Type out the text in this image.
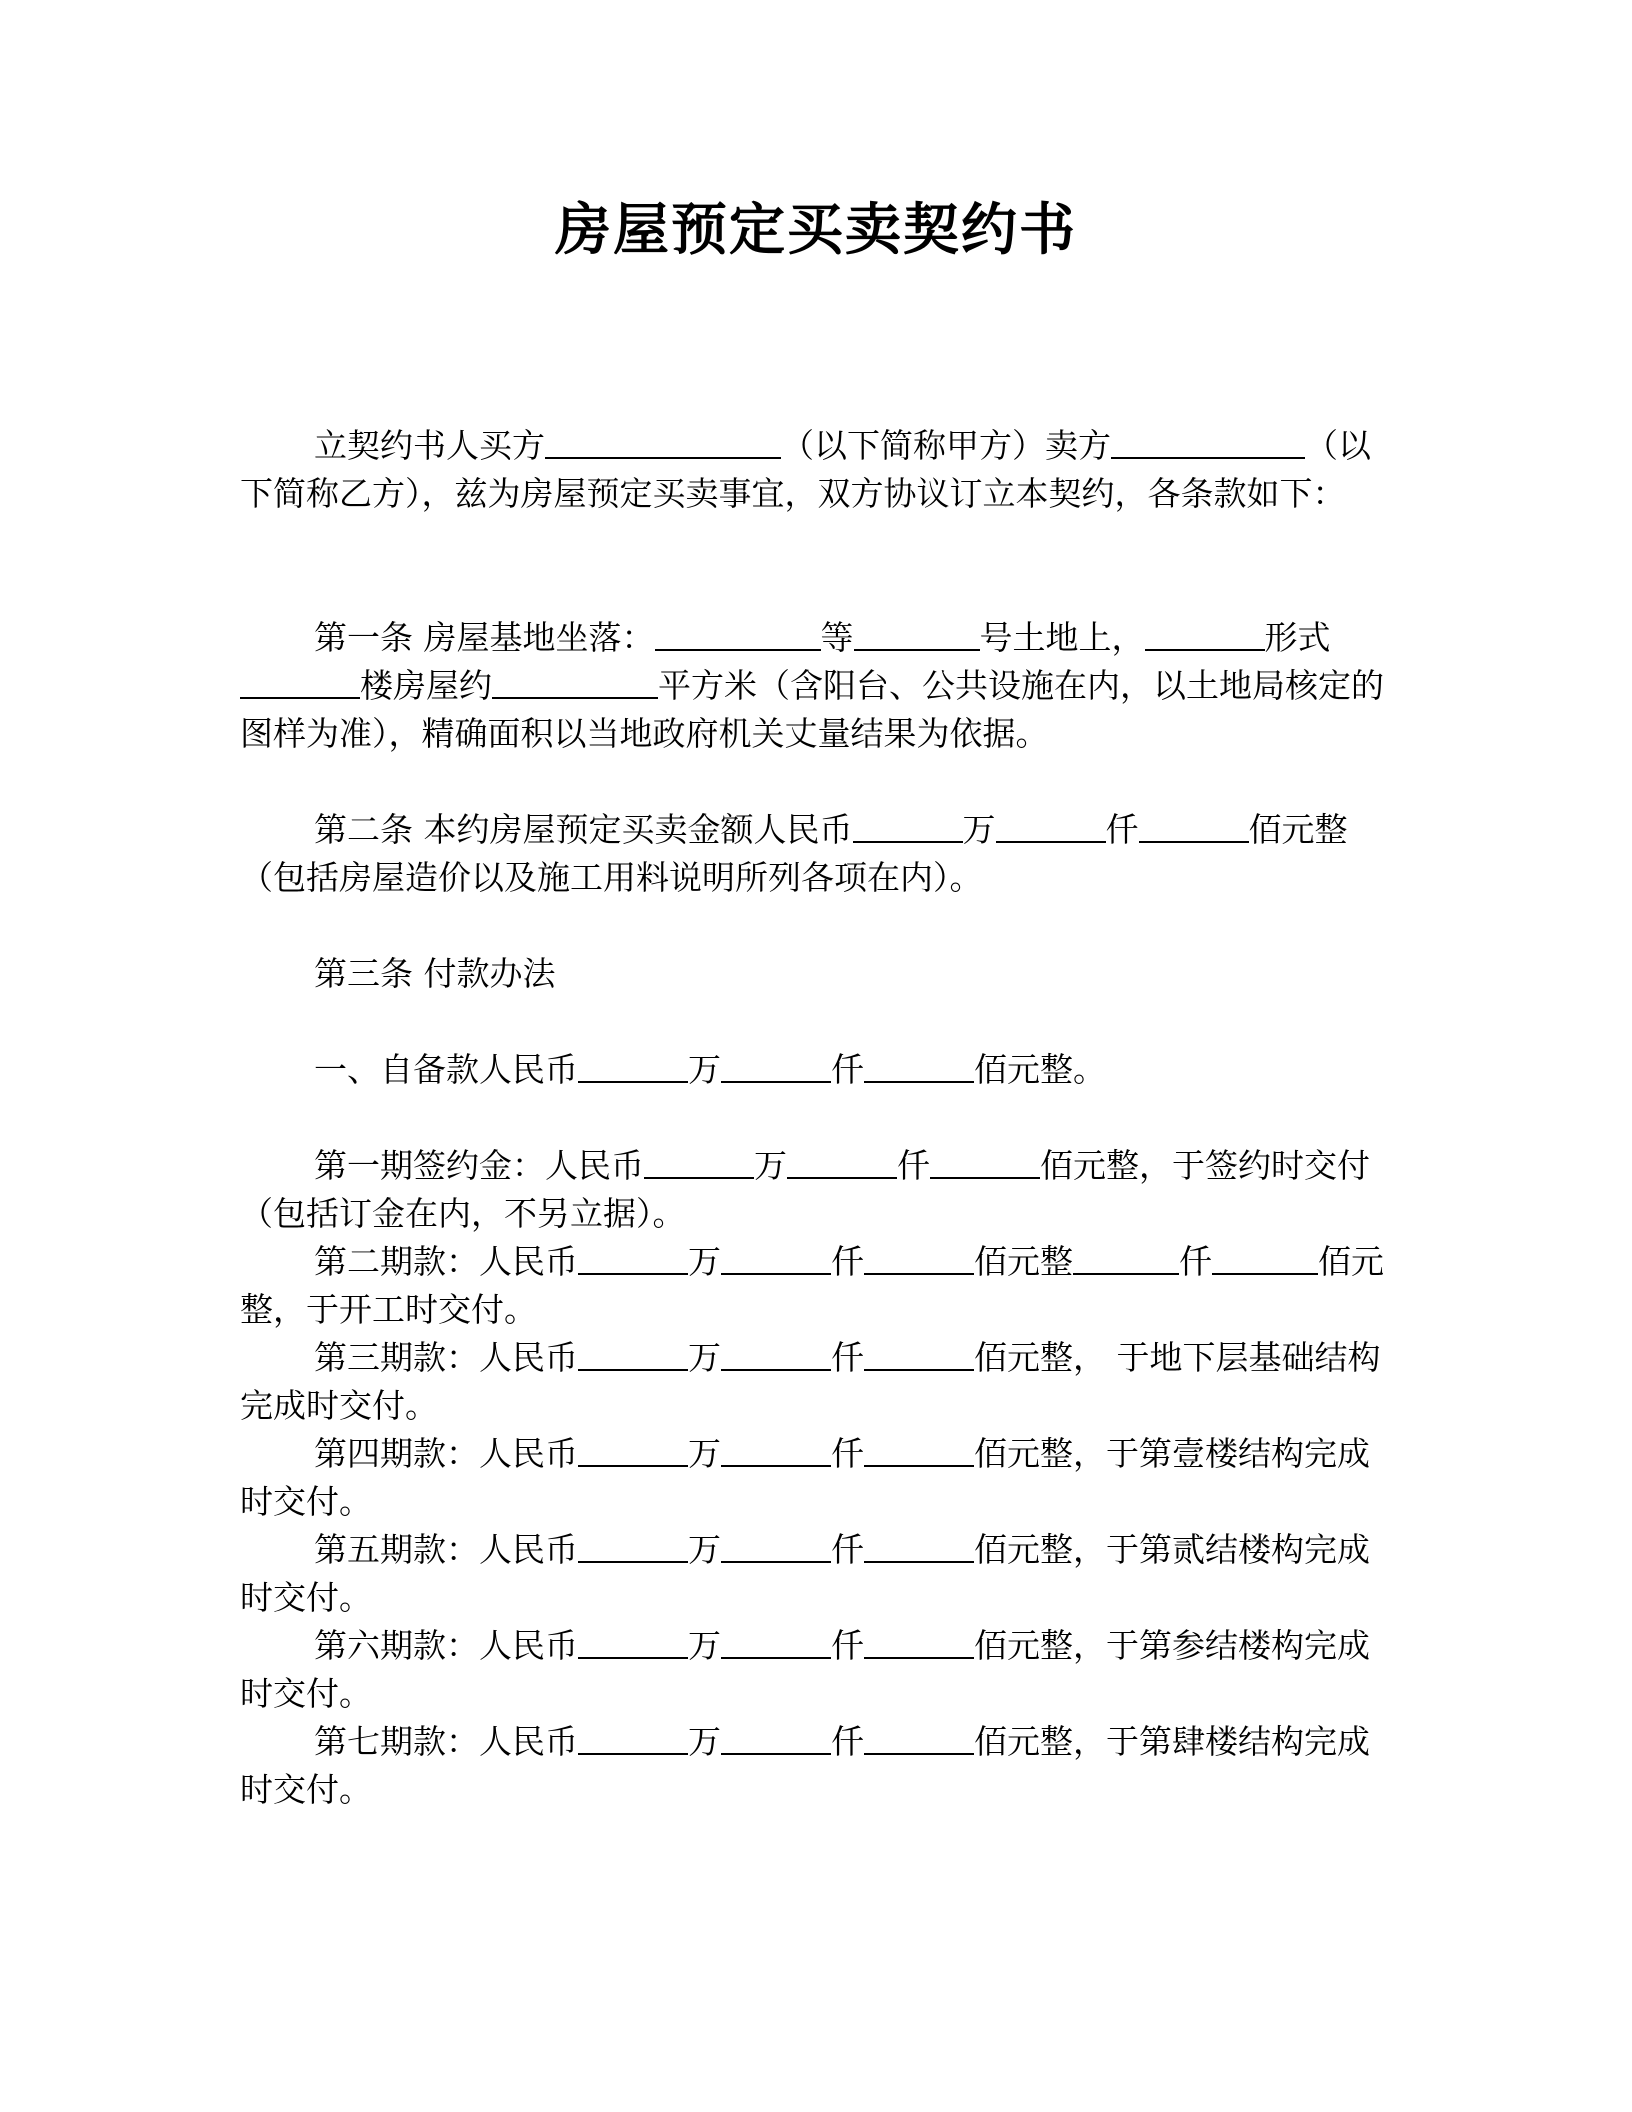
房屋预定买卖契约书

立契约书人买方	（以下简称甲方）卖方	（以下简称乙方），兹为房屋预定买卖事宜，双方协议订立本契约，各条款如下：

第一条 房屋基地坐落：	等	号土地上，	形式楼房屋约	平方米（含阳台、公共设施在内，以土地局核定的图样为准），精确面积以当地政府机关丈量结果为依据。

第二条 本约房屋预定买卖金额人民币	万	仟	佰元整（包括房屋造价以及施工用料说明所列各项在内）。

第三条 付款办法

一、自备款人民币	万	仟	佰元整。

第一期签约金：人民币	万	仟	佰元整，于签约时交付（包括订金在内，不另立据）。

第二期款：人民币	万	仟	佰元整	仟	佰元整，于开工时交付。

第三期款：人民币	万	仟	佰元整， 于地下层基础结构完成时交付。

第四期款：人民币	万	仟	佰元整，于第壹楼结构完成时交付。

第五期款：人民币	万	仟	佰元整，于第贰结楼构完成时交付。

第六期款：人民币	万	仟	佰元整，于第参结楼构完成时交付。

第七期款：人民币	万	仟	佰元整，于第肆楼结构完成时交付。
